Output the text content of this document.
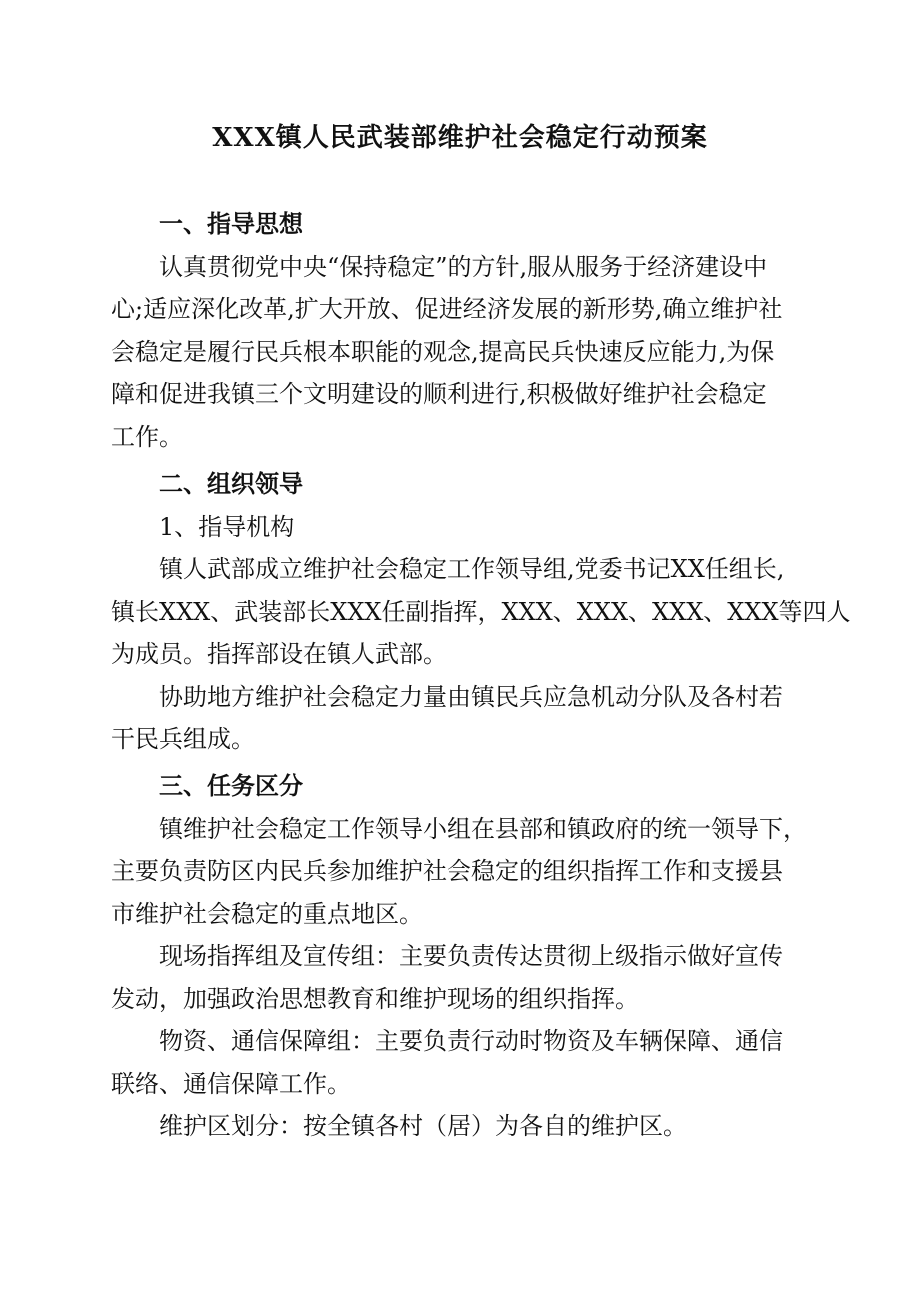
XXX镇人民武装部维护社会稳定行动预案
一、指导思想
认真贯彻党中央“保持稳定”的方针,服从服务于经济建设中
心;适应深化改革,扩大开放、促进经济发展的新形势,确立维护社
会稳定是履行民兵根本职能的观念,提高民兵快速反应能力,为保
障和促进我镇三个文明建设的顺利进行,积极做好维护社会稳定
工作。
二、组织领导
1、指导机构
镇人武部成立维护社会稳定工作领导组,党委书记XX任组长,
镇长XXX、武装部长XXX任副指挥，XXX、XXX、XXX、XXX等四人
为成员。指挥部设在镇人武部。
协助地方维护社会稳定力量由镇民兵应急机动分队及各村若
干民兵组成。
三、任务区分
镇维护社会稳定工作领导小组在县部和镇政府的统一领导下，
主要负责防区内民兵参加维护社会稳定的组织指挥工作和支援县
市维护社会稳定的重点地区。
现场指挥组及宣传组：主要负责传达贯彻上级指示做好宣传
发动，加强政治思想教育和维护现场的组织指挥。
物资、通信保障组：主要负责行动时物资及车辆保障、通信
联络、通信保障工作。
维护区划分：按全镇各村（居）为各自的维护区。
